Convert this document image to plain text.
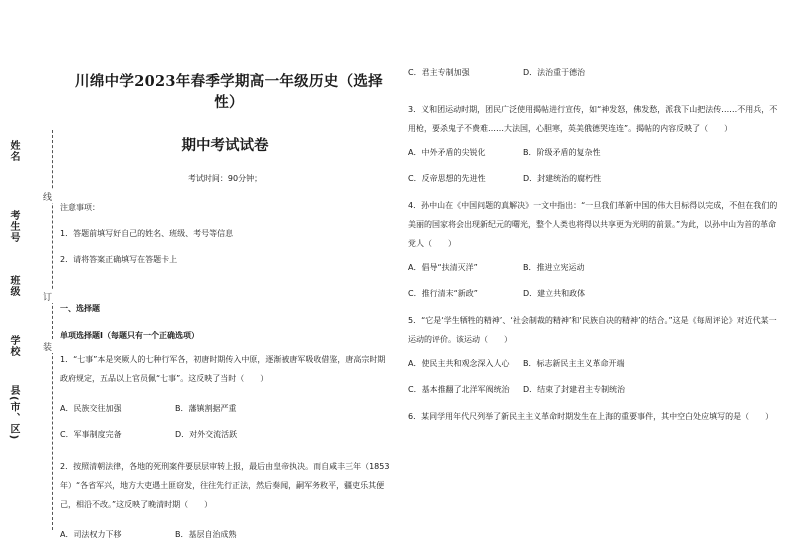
姓名
考生号
班级
学校
县(市、区)
线
订
装
川绵中学2023年春季学期高一年级历史（选择性）
期中考试试卷
考试时间：90分钟；
注意事项：
1．答题前填写好自己的姓名、班级、考号等信息
2．请将答案正确填写在答题卡上
一、选择题
单项选择题Ⅰ（每题只有一个正确选项）
1．“七事”本是突厥人的七种行军各，初唐时期传入中原，逐渐被唐军吸收借鉴，唐高宗时期政府规定，五品以上官员佩“七事”。这反映了当时（　　）
A．民族交往加强	B．藩镇割据严重
C．军事制度完备	D．对外交流活跃
2．按照清朝法律，各地的死刑案件要层层审转上报，最后由皇帝执决。而自咸丰三年（1853年）“各省军兴，地方大吏遇土匪窃发，往往先行正法，然后奏闻，嗣军务敉平，疆吏乐其便己，相沿不改。”这反映了晚清时期（　　）
A．司法权力下移	B．基层自治成熟
C．君主专制加强	D．法治重于德治
3．义和团运动时期，团民广泛使用揭帖进行宣传，如“神发怒，佛发愁，派我下山把法传……不用兵，不用枪，要杀鬼子不费难……大法国，心胆寒，英美俄德哭连连”。揭帖的内容反映了（　　）
A．中外矛盾的尖锐化	B．阶级矛盾的复杂性
C．反帝思想的先进性	D．封建统治的腐朽性
4．孙中山在《中国问题的真解决》一文中指出：“一旦我们革新中国的伟大目标得以完成，不但在我们的美丽的国家将会出现新纪元的曙光，整个人类也将得以共享更为光明的前景。”为此，以孙中山为首的革命党人（　　）
A．倡导“扶清灭洋”	B．推进立宪运动
C．推行清末“新政”	D．建立共和政体
5．“它是‘学生牺牲的精神’、‘社会制裁的精神’和‘民族自决的精神’的结合。”这是《每周评论》对近代某一运动的评价。该运动（　　）
A．使民主共和观念深入人心	B．标志新民主主义革命开端
C．基本推翻了北洋军阀统治	D．结束了封建君主专制统治
6．某同学用年代尺列举了新民主主义革命时期发生在上海的重要事件，其中空白处应填写的是（　　）
